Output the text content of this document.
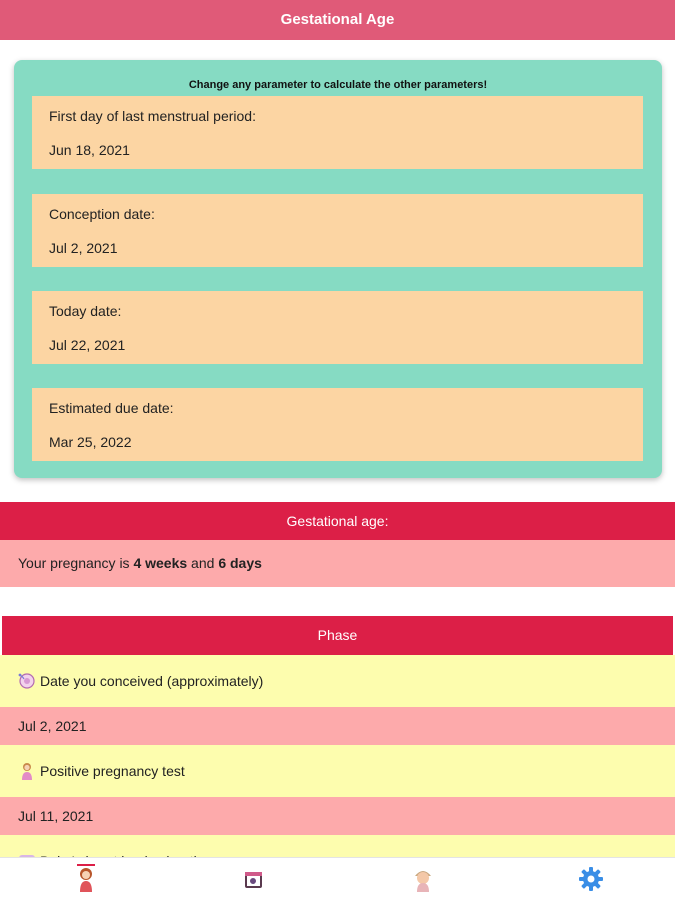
Gestational Age
Change any parameter to calculate the other parameters!
First day of last menstrual period:
Jun 18, 2021
Conception date:
Jul 2, 2021
Today date:
Jul 22, 2021
Estimated due date:
Mar 25, 2022
Gestational age:
Your pregnancy is 4 weeks and 6 days
Phase
Date you conceived (approximately)
Jul 2, 2021
Positive pregnancy test
Jul 11, 2021
